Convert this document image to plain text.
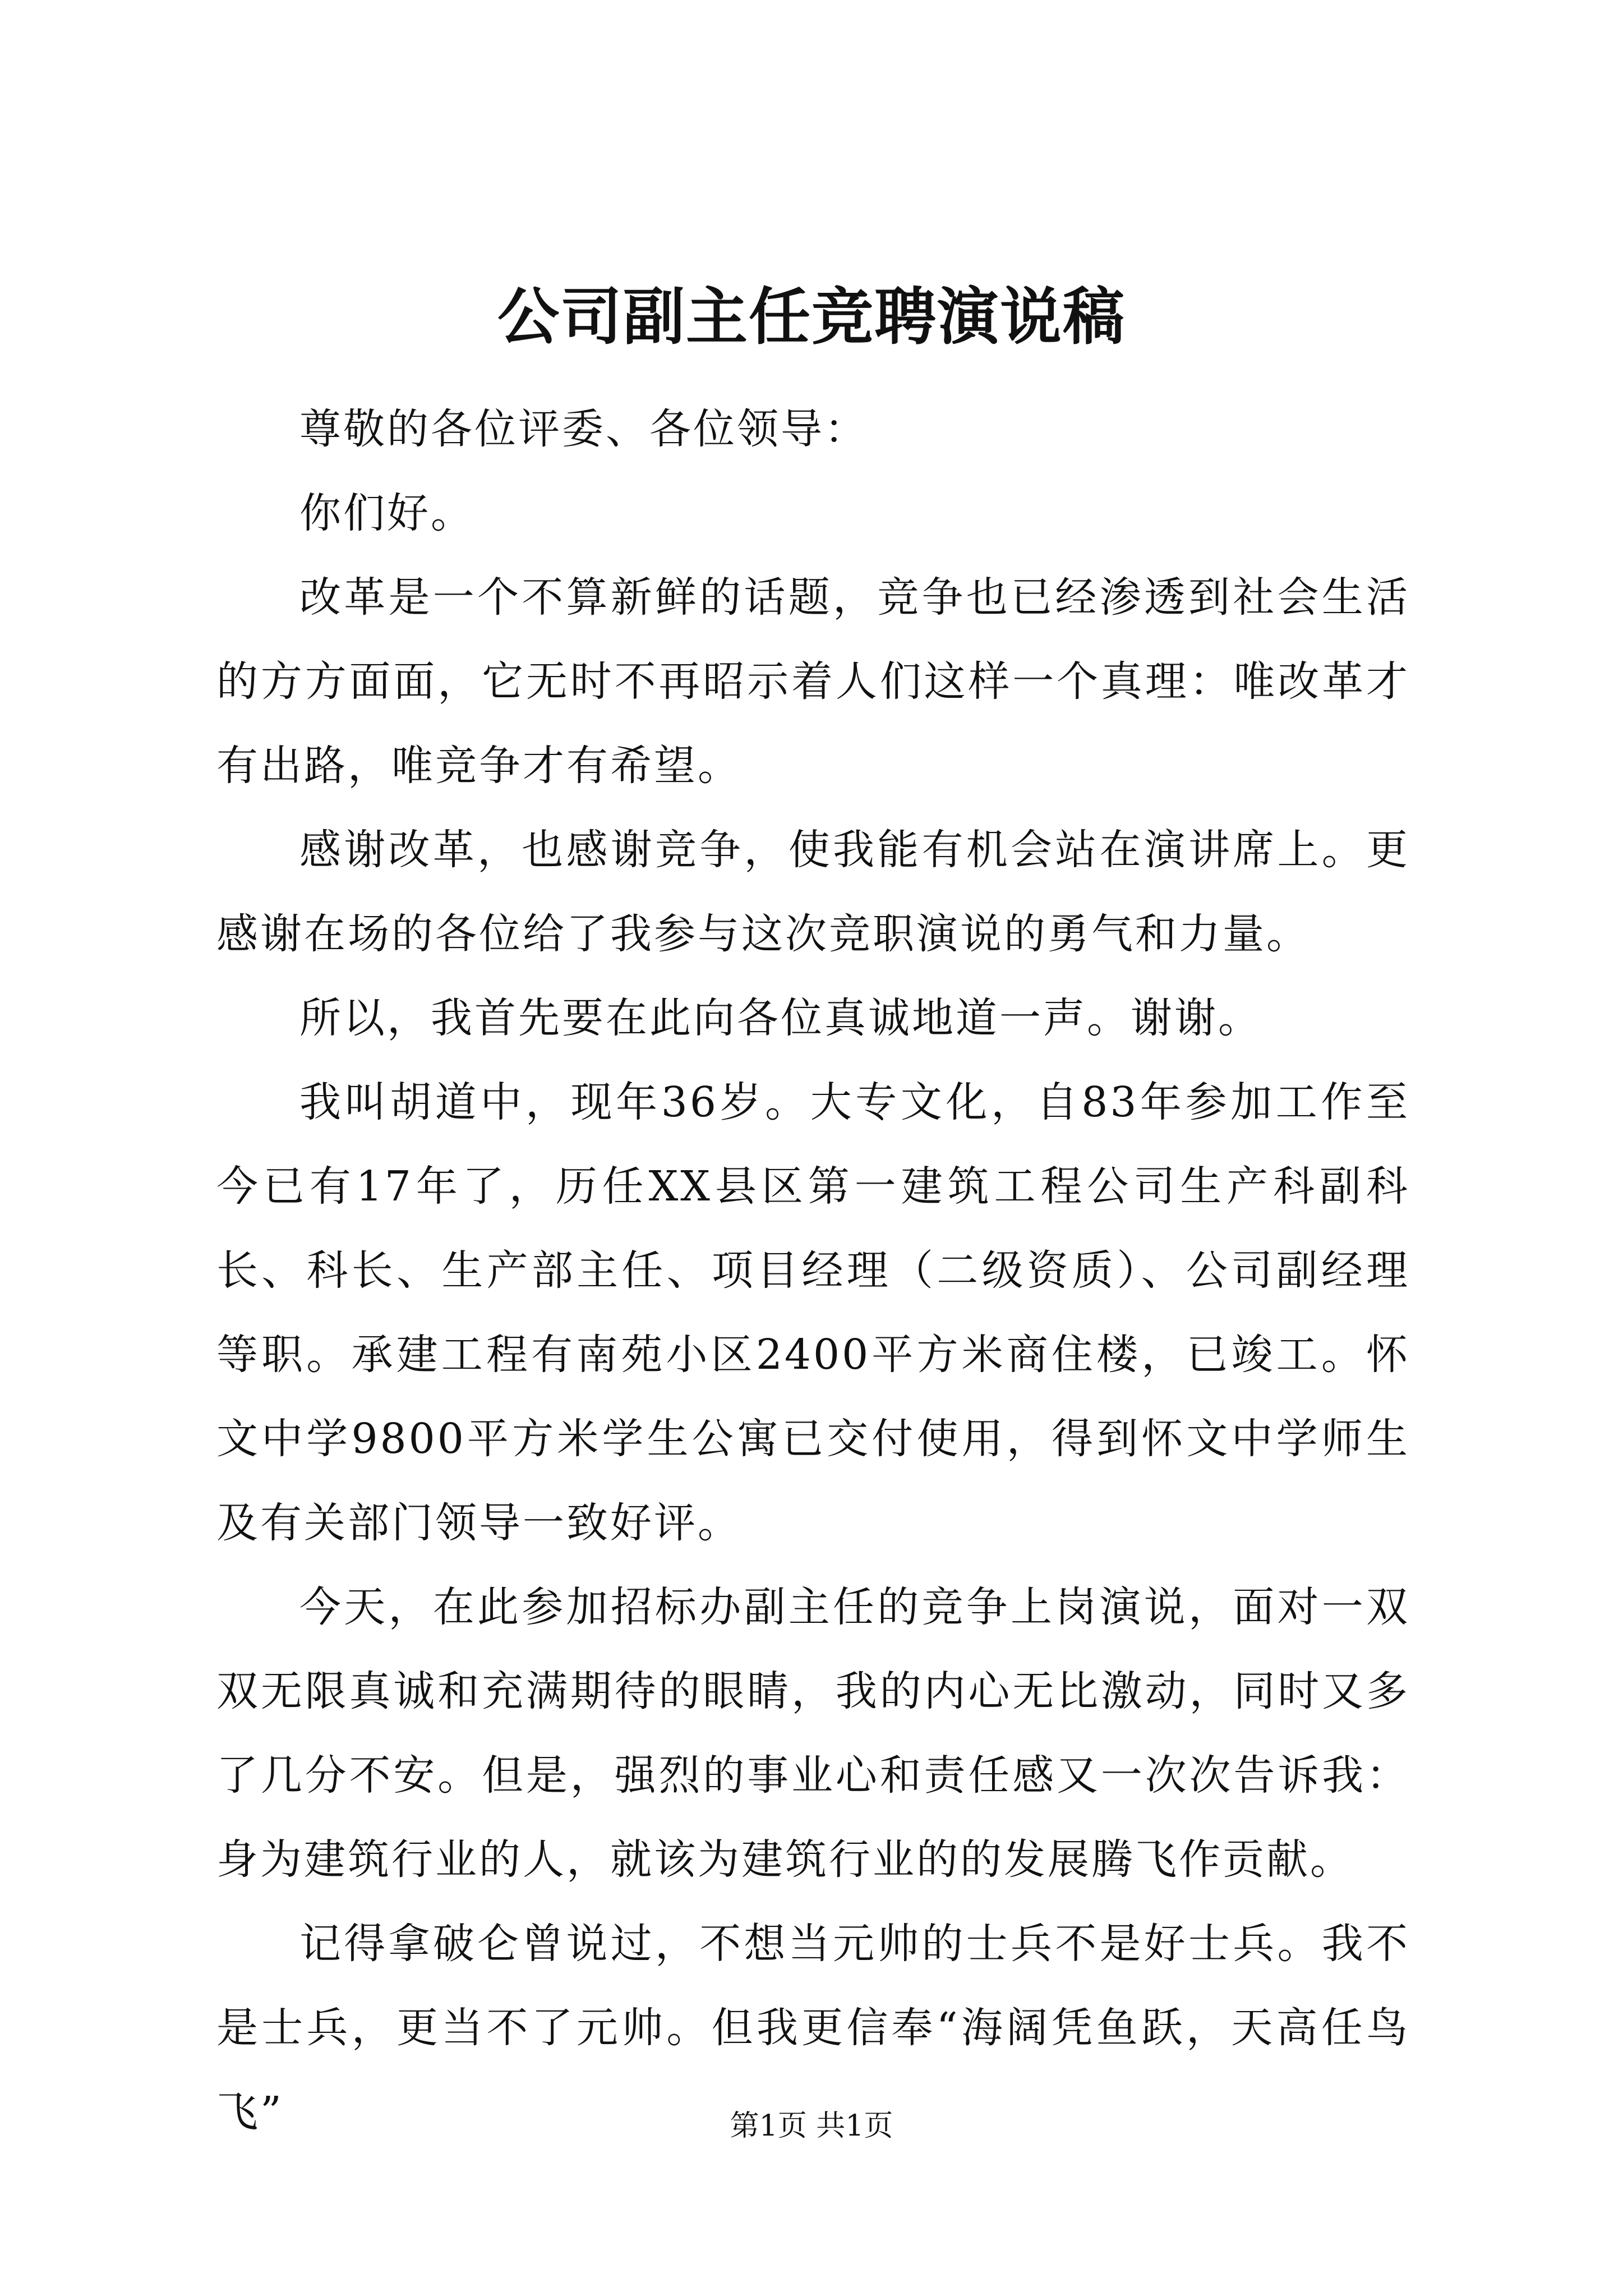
公司副主任竞聘演说稿

尊敬的各位评委、各位领导：

你们好。

改革是一个不算新鲜的话题，竞争也已经渗透到社会生活的方方面面，它无时不再昭示着人们这样一个真理：唯改革才有出路，唯竞争才有希望。

感谢改革，也感谢竞争，使我能有机会站在演讲席上。更感谢在场的各位给了我参与这次竞职演说的勇气和力量。

所以，我首先要在此向各位真诚地道一声。谢谢。

我叫胡道中，现年36岁。大专文化，自83年参加工作至今已有17年了，历任XX县区第一建筑工程公司生产科副科长、科长、生产部主任、项目经理（二级资质）、公司副经理等职。承建工程有南苑小区2400平方米商住楼，已竣工。怀文中学9800平方米学生公寓已交付使用，得到怀文中学师生及有关部门领导一致好评。

今天，在此参加招标办副主任的竞争上岗演说，面对一双双无限真诚和充满期待的眼睛，我的内心无比激动，同时又多了几分不安。但是，强烈的事业心和责任感又一次次告诉我：身为建筑行业的人，就该为建筑行业的的发展腾飞作贡献。

记得拿破仑曾说过，不想当元帅的士兵不是好士兵。我不是士兵，更当不了元帅。但我更信奉“海阔凭鱼跃，天高任鸟飞”	第1页 共1页
